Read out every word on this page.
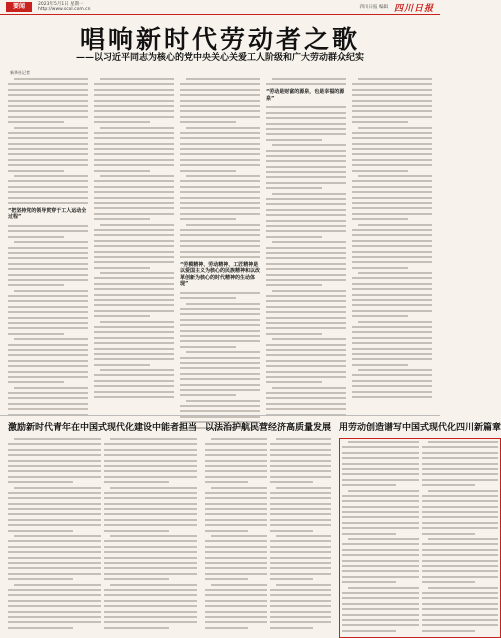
要闻	2023年5月1日 星期一
http://www.scol.com.cn	四川日报 编辑 四川日报
唱响新时代劳动者之歌
——以习近平同志为核心的党中央关心关爱工人阶级和广大劳动群众纪实
新华社记者
“把坚持党的领导贯穿于工人运动全过程”
“劳模精神、劳动精神、工匠精神是以爱国主义为核心的民族精神和以改革创新为核心的时代精神的生动体现”
“劳动是财富的源泉，也是幸福的源泉”
激励新时代青年在中国式现代化建设中能者担当 以法治护航民营经济高质量发展 用劳动创造谱写中国式现代化四川新篇章
